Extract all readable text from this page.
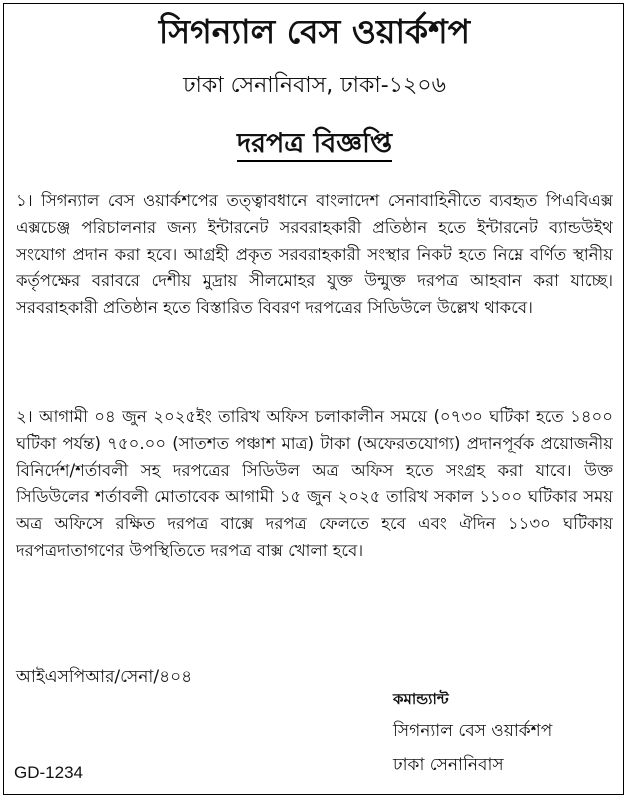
সিগন্যাল বেস ওয়ার্কশপ
ঢাকা সেনানিবাস, ঢাকা-১২০৬
দরপত্র বিজ্ঞপ্তি
১। সিগন্যাল বেস ওয়ার্কশপের তত্ত্বাবধানে বাংলাদেশ সেনাবাহিনীতে ব্যবহৃত পিএবিএক্স এক্সচেঞ্জ পরিচালনার জন্য ইন্টারনেট সরবরাহকারী প্রতিষ্ঠান হতে ইন্টারনেট ব্যান্ডউইথ সংযোগ প্রদান করা হবে। আগ্রহী প্রকৃত সরবরাহকারী সংস্থার নিকট হতে নিম্নে বর্ণিত স্থানীয় কর্তৃপক্ষের বরাবরে দেশীয় মুদ্রায় সীলমোহর যুক্ত উন্মুক্ত দরপত্র আহবান করা যাচ্ছে। সরবরাহকারী প্রতিষ্ঠান হতে বিস্তারিত বিবরণ দরপত্রের সিডিউলে উল্লেখ থাকবে।
২। আগামী ০৪ জুন ২০২৫ইং তারিখ অফিস চলাকালীন সময়ে (০৭৩০ ঘটিকা হতে ১৪০০ ঘটিকা পর্যন্ত) ৭৫০.০০ (সাতশত পঞ্চাশ মাত্র) টাকা (অফেরতযোগ্য) প্রদানপূর্বক প্রয়োজনীয় বিনির্দেশ/শর্তাবলী সহ দরপত্রের সিডিউল অত্র অফিস হতে সংগ্রহ করা যাবে। উক্ত সিডিউলের শর্তাবলী মোতাবেক আগামী ১৫ জুন ২০২৫ তারিখ সকাল ১১০০ ঘটিকার সময় অত্র অফিসে রক্ষিত দরপত্র বাক্সে দরপত্র ফেলতে হবে এবং ঐদিন ১১৩০ ঘটিকায় দরপত্রদাতাগণের উপস্থিতিতে দরপত্র বাক্স খোলা হবে।
আইএসপিআর/সেনা/৪০৪
কমান্ড্যান্ট
সিগন্যাল বেস ওয়ার্কশপ
ঢাকা সেনানিবাস
GD-1234
